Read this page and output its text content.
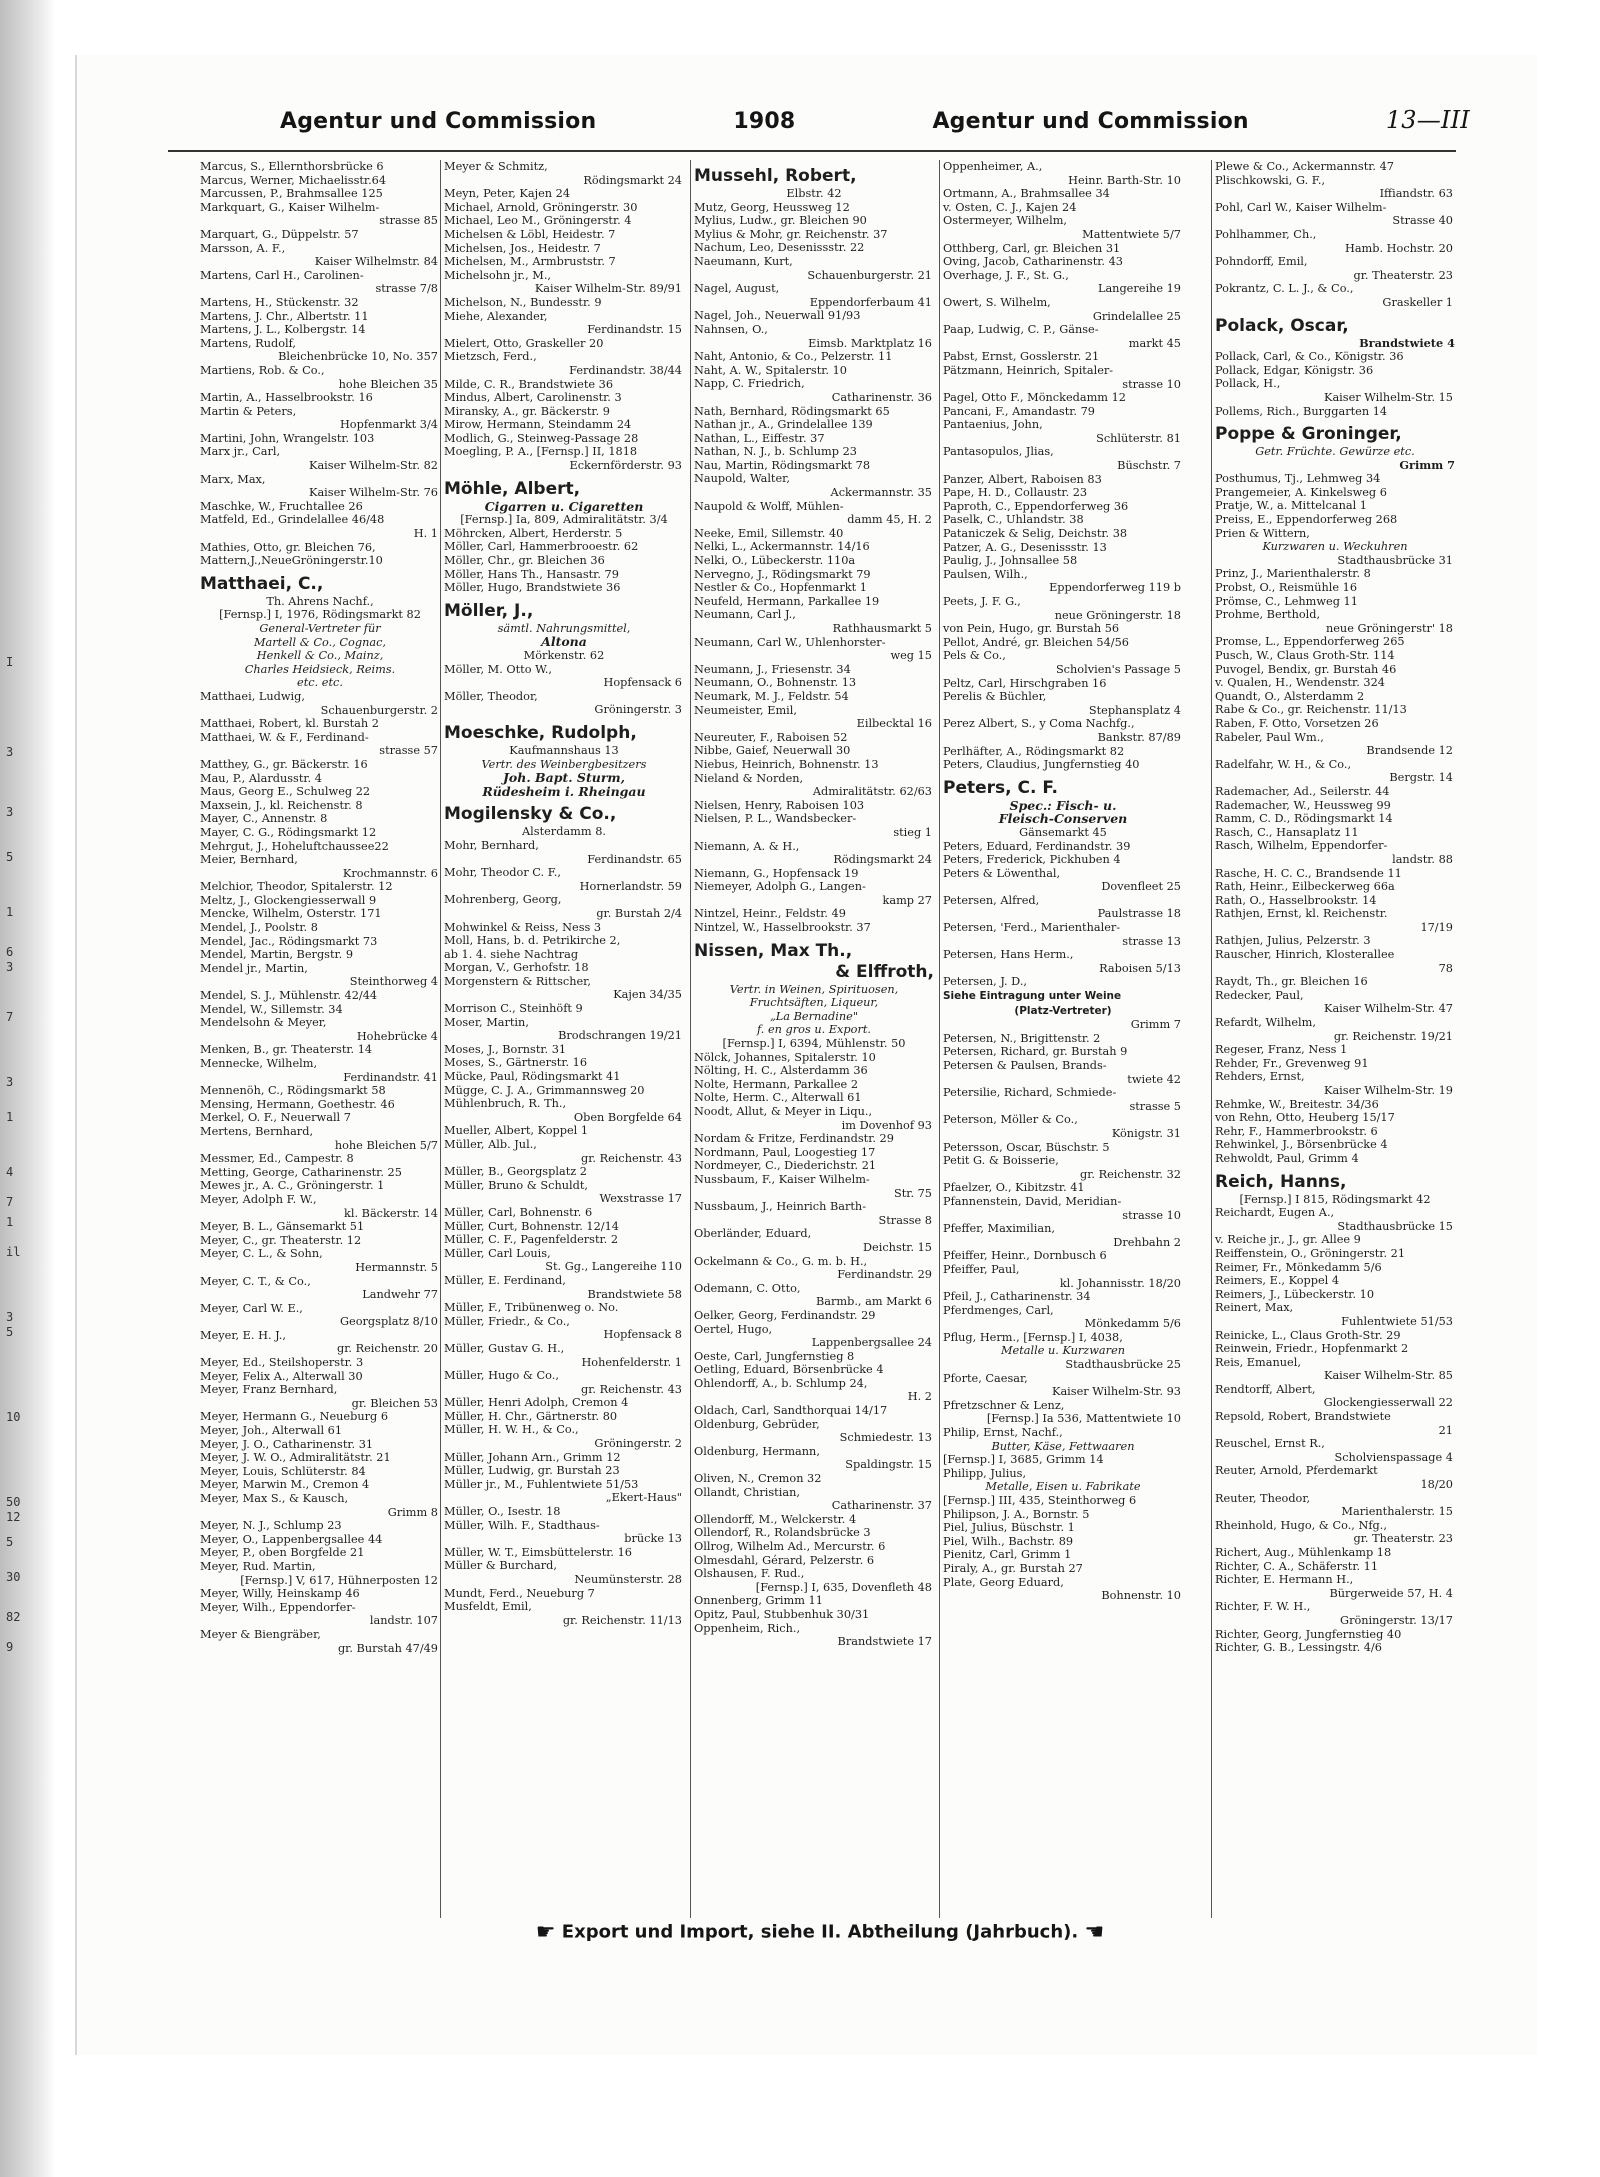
I
3
3
5
1
6
3
7
3
1
4
7
1
il
3
5
10
50
12
5
30
82
9
Agentur und Commission	1908	Agentur und Commission	13—III
Marcus, S., Ellernthorsbrücke 6
Marcus, Werner, Michaelisstr.64
Marcussen, P., Brahmsallee 125
Markquart, G., Kaiser Wilhelm-
strasse 85
Marquart, G., Düppelstr. 57
Marsson, A. F.,
Kaiser Wilhelmstr. 84
Martens, Carl H., Carolinen-
strasse 7/8
Martens, H., Stückenstr. 32
Martens, J. Chr., Albertstr. 11
Martens, J. L., Kolbergstr. 14
Martens, Rudolf,
Bleichenbrücke 10, No. 357
Martiens, Rob. & Co.,
hohe Bleichen 35
Martin, A., Hasselbrookstr. 16
Martin & Peters,
Hopfenmarkt 3/4
Martini, John, Wrangelstr. 103
Marx jr., Carl,
Kaiser Wilhelm-Str. 82
Marx, Max,
Kaiser Wilhelm-Str. 76
Maschke, W., Fruchtallee 26
Matfeld, Ed., Grindelallee 46/48
H. 1
Mathies, Otto, gr. Bleichen 76,
Mattern,J.,NeueGröningerstr.10
Matthaei, C.,
Th. Ahrens Nachf.,
[Fernsp.] I, 1976, Rödingsmarkt 82
General-Vertreter für
Martell & Co., Cognac,
Henkell & Co., Mainz,
Charles Heidsieck, Reims.
etc. etc.
Matthaei, Ludwig,
Schauenburgerstr. 2
Matthaei, Robert, kl. Burstah 2
Matthaei, W. & F., Ferdinand-
strasse 57
Matthey, G., gr. Bäckerstr. 16
Mau, P., Alardusstr. 4
Maus, Georg E., Schulweg 22
Maxsein, J., kl. Reichenstr. 8
Mayer, C., Annenstr. 8
Mayer, C. G., Rödingsmarkt 12
Mehrgut, J., Hoheluftchaussee22
Meier, Bernhard,
Krochmannstr. 6
Melchior, Theodor, Spitalerstr. 12
Meltz, J., Glockengiesserwall 9
Mencke, Wilhelm, Osterstr. 171
Mendel, J., Poolstr. 8
Mendel, Jac., Rödingsmarkt 73
Mendel, Martin, Bergstr. 9
Mendel jr., Martin,
Steinthorweg 4
Mendel, S. J., Mühlenstr. 42/44
Mendel, W., Sillemstr. 34
Mendelsohn & Meyer,
Hohebrücke 4
Menken, B., gr. Theaterstr. 14
Mennecke, Wilhelm,
Ferdinandstr. 41
Mennenöh, C., Rödingsmarkt 58
Mensing, Hermann, Goethestr. 46
Merkel, O. F., Neuerwall 7
Mertens, Bernhard,
hohe Bleichen 5/7
Messmer, Ed., Campestr. 8
Metting, George, Catharinenstr. 25
Mewes jr., A. C., Gröningerstr. 1
Meyer, Adolph F. W.,
kl. Bäckerstr. 14
Meyer, B. L., Gänsemarkt 51
Meyer, C., gr. Theaterstr. 12
Meyer, C. L., & Sohn,
Hermannstr. 5
Meyer, C. T., & Co.,
Landwehr 77
Meyer, Carl W. E.,
Georgsplatz 8/10
Meyer, E. H. J.,
gr. Reichenstr. 20
Meyer, Ed., Steilshoperstr. 3
Meyer, Felix A., Alterwall 30
Meyer, Franz Bernhard,
gr. Bleichen 53
Meyer, Hermann G., Neueburg 6
Meyer, Joh., Alterwall 61
Meyer, J. O., Catharinenstr. 31
Meyer, J. W. O., Admiralitätstr. 21
Meyer, Louis, Schlüterstr. 84
Meyer, Marwin M., Cremon 4
Meyer, Max S., & Kausch,
Grimm 8
Meyer, N. J., Schlump 23
Meyer, O., Lappenbergsallee 44
Meyer, P., oben Borgfelde 21
Meyer, Rud. Martin,
[Fernsp.] V, 617, Hühnerposten 12
Meyer, Willy, Heinskamp 46
Meyer, Wilh., Eppendorfer-
landstr. 107
Meyer & Biengräber,
gr. Burstah 47/49
Meyer & Schmitz,
Rödingsmarkt 24
Meyn, Peter, Kajen 24
Michael, Arnold, Gröningerstr. 30
Michael, Leo M., Gröningerstr. 4
Michelsen & Löbl, Heidestr. 7
Michelsen, Jos., Heidestr. 7
Michelsen, M., Armbruststr. 7
Michelsohn jr., M.,
Kaiser Wilhelm-Str. 89/91
Michelson, N., Bundesstr. 9
Miehe, Alexander,
Ferdinandstr. 15
Mielert, Otto, Graskeller 20
Mietzsch, Ferd.,
Ferdinandstr. 38/44
Milde, C. R., Brandstwiete 36
Mindus, Albert, Carolinenstr. 3
Miransky, A., gr. Bäckerstr. 9
Mirow, Hermann, Steindamm 24
Modlich, G., Steinweg-Passage 28
Moegling, P. A., [Fernsp.] II, 1818
Eckernförderstr. 93
Möhle, Albert,
Cigarren u. Cigaretten
[Fernsp.] Ia, 809, Admiralitätstr. 3/4
Möhrcken, Albert, Herderstr. 5
Möller, Carl, Hammerbrooestr. 62
Möller, Chr., gr. Bleichen 36
Möller, Hans Th., Hansastr. 79
Möller, Hugo, Brandstwiete 36
Möller, J.,
sämtl. Nahrungsmittel,
Altona
Mörkenstr. 62
Möller, M. Otto W.,
Hopfensack 6
Möller, Theodor,
Gröningerstr. 3
Moeschke, Rudolph,
Kaufmannshaus 13
Vertr. des Weinbergbesitzers
Joh. Bapt. Sturm,
Rüdesheim i. Rheingau
Mogilensky & Co.,
Alsterdamm 8.
Mohr, Bernhard,
Ferdinandstr. 65
Mohr, Theodor C. F.,
Hornerlandstr. 59
Mohrenberg, Georg,
gr. Burstah 2/4
Mohwinkel & Reiss, Ness 3
Moll, Hans, b. d. Petrikirche 2,
ab 1. 4. siehe Nachtrag
Morgan, V., Gerhofstr. 18
Morgenstern & Rittscher,
Kajen 34/35
Morrison C., Steinhöft 9
Moser, Martin,
Brodschrangen 19/21
Moses, J., Bornstr. 31
Moses, S., Gärtnerstr. 16
Mücke, Paul, Rödingsmarkt 41
Mügge, C. J. A., Grimmannsweg 20
Mühlenbruch, R. Th.,
Oben Borgfelde 64
Mueller, Albert, Koppel 1
Müller, Alb. Jul.,
gr. Reichenstr. 43
Müller, B., Georgsplatz 2
Müller, Bruno & Schuldt,
Wexstrasse 17
Müller, Carl, Bohnenstr. 6
Müller, Curt, Bohnenstr. 12/14
Müller, C. F., Pagenfelderstr. 2
Müller, Carl Louis,
St. Gg., Langereihe 110
Müller, E. Ferdinand,
Brandstwiete 58
Müller, F., Tribünenweg o. No.
Müller, Friedr., & Co.,
Hopfensack 8
Müller, Gustav G. H.,
Hohenfelderstr. 1
Müller, Hugo & Co.,
gr. Reichenstr. 43
Müller, Henri Adolph, Cremon 4
Müller, H. Chr., Gärtnerstr. 80
Müller, H. W. H., & Co.,
Gröningerstr. 2
Müller, Johann Arn., Grimm 12
Müller, Ludwig, gr. Burstah 23
Müller jr., M., Fuhlentwiete 51/53
„Ekert-Haus"
Müller, O., Isestr. 18
Müller, Wilh. F., Stadthaus-
brücke 13
Müller, W. T., Eimsbüttelerstr. 16
Müller & Burchard,
Neumünsterstr. 28
Mundt, Ferd., Neueburg 7
Musfeldt, Emil,
gr. Reichenstr. 11/13
Mussehl, Robert,
Elbstr. 42
Mutz, Georg, Heussweg 12
Mylius, Ludw., gr. Bleichen 90
Mylius & Mohr, gr. Reichenstr. 37
Nachum, Leo, Desenissstr. 22
Naeumann, Kurt,
Schauenburgerstr. 21
Nagel, August,
Eppendorferbaum 41
Nagel, Joh., Neuerwall 91/93
Nahnsen, O.,
Eimsb. Marktplatz 16
Naht, Antonio, & Co., Pelzerstr. 11
Naht, A. W., Spitalerstr. 10
Napp, C. Friedrich,
Catharinenstr. 36
Nath, Bernhard, Rödingsmarkt 65
Nathan jr., A., Grindelallee 139
Nathan, L., Eiffestr. 37
Nathan, N. J., b. Schlump 23
Nau, Martin, Rödingsmarkt 78
Naupold, Walter,
Ackermannstr. 35
Naupold & Wolff, Mühlen-
damm 45, H. 2
Neeke, Emil, Sillemstr. 40
Nelki, L., Ackermannstr. 14/16
Nelki, O., Lübeckerstr. 110a
Nervegno, J., Rödingsmarkt 79
Nestler & Co., Hopfenmarkt 1
Neufeld, Hermann, Parkallee 19
Neumann, Carl J.,
Rathhausmarkt 5
Neumann, Carl W., Uhlenhorster-
weg 15
Neumann, J., Friesenstr. 34
Neumann, O., Bohnenstr. 13
Neumark, M. J., Feldstr. 54
Neumeister, Emil,
Eilbecktal 16
Neureuter, F., Raboisen 52
Nibbe, Gaief, Neuerwall 30
Niebus, Heinrich, Bohnenstr. 13
Nieland & Norden,
Admiralitätstr. 62/63
Nielsen, Henry, Raboisen 103
Nielsen, P. L., Wandsbecker-
stieg 1
Niemann, A. & H.,
Rödingsmarkt 24
Niemann, G., Hopfensack 19
Niemeyer, Adolph G., Langen-
kamp 27
Nintzel, Heinr., Feldstr. 49
Nintzel, W., Hasselbrookstr. 37
Nissen, Max Th.,
& Elffroth,
Vertr. in Weinen, Spirituosen,
Fruchtsäften, Liqueur,
„La Bernadine"
f. en gros u. Export.
[Fernsp.] I, 6394, Mühlenstr. 50
Nölck, Johannes, Spitalerstr. 10
Nölting, H. C., Alsterdamm 36
Nolte, Hermann, Parkallee 2
Nolte, Herm. C., Alterwall 61
Noodt, Allut, & Meyer in Liqu.,
im Dovenhof 93
Nordam & Fritze, Ferdinandstr. 29
Nordmann, Paul, Loogestieg 17
Nordmeyer, C., Diederichstr. 21
Nussbaum, F., Kaiser Wilhelm-
Str. 75
Nussbaum, J., Heinrich Barth-
Strasse 8
Oberländer, Eduard,
Deichstr. 15
Ockelmann & Co., G. m. b. H.,
Ferdinandstr. 29
Odemann, C. Otto,
Barmb., am Markt 6
Oelker, Georg, Ferdinandstr. 29
Oertel, Hugo,
Lappenbergsallee 24
Oeste, Carl, Jungfernstieg 8
Oetling, Eduard, Börsenbrücke 4
Ohlendorff, A., b. Schlump 24,
H. 2
Oldach, Carl, Sandthorquai 14/17
Oldenburg, Gebrüder,
Schmiedestr. 13
Oldenburg, Hermann,
Spaldingstr. 15
Oliven, N., Cremon 32
Ollandt, Christian,
Catharinenstr. 37
Ollendorff, M., Welckerstr. 4
Ollendorf, R., Rolandsbrücke 3
Ollrog, Wilhelm Ad., Mercurstr. 6
Olmesdahl, Gérard, Pelzerstr. 6
Olshausen, F. Rud.,
[Fernsp.] I, 635, Dovenfleth 48
Onnenberg, Grimm 11
Opitz, Paul, Stubbenhuk 30/31
Oppenheim, Rich.,
Brandstwiete 17
Oppenheimer, A.,
Heinr. Barth-Str. 10
Ortmann, A., Brahmsallee 34
v. Osten, C. J., Kajen 24
Ostermeyer, Wilhelm,
Mattentwiete 5/7
Otthberg, Carl, gr. Bleichen 31
Oving, Jacob, Catharinenstr. 43
Overhage, J. F., St. G.,
Langereihe 19
Owert, S. Wilhelm,
Grindelallee 25
Paap, Ludwig, C. P., Gänse-
markt 45
Pabst, Ernst, Gosslerstr. 21
Pätzmann, Heinrich, Spitaler-
strasse 10
Pagel, Otto F., Mönckedamm 12
Pancani, F., Amandastr. 79
Pantaenius, John,
Schlüterstr. 81
Pantasopulos, Jlias,
Büschstr. 7
Panzer, Albert, Raboisen 83
Pape, H. D., Collaustr. 23
Paproth, C., Eppendorferweg 36
Paselk, C., Uhlandstr. 38
Pataniczek & Selig, Deichstr. 38
Patzer, A. G., Desenissstr. 13
Paulig, J., Johnsallee 58
Paulsen, Wilh.,
Eppendorferweg 119 b
Peets, J. F. G.,
neue Gröningerstr. 18
von Pein, Hugo, gr. Burstah 56
Pellot, André, gr. Bleichen 54/56
Pels & Co.,
Scholvien's Passage 5
Peltz, Carl, Hirschgraben 16
Perelis & Büchler,
Stephansplatz 4
Perez Albert, S., y Coma Nachfg.,
Bankstr. 87/89
Perlhäfter, A., Rödingsmarkt 82
Peters, Claudius, Jungfernstieg 40
Peters, C. F.
Spec.: Fisch- u.
Fleisch-Conserven
Gänsemarkt 45
Peters, Eduard, Ferdinandstr. 39
Peters, Frederick, Pickhuben 4
Peters & Löwenthal,
Dovenfleet 25
Petersen, Alfred,
Paulstrasse 18
Petersen, 'Ferd., Marienthaler-
strasse 13
Petersen, Hans Herm.,
Raboisen 5/13
Petersen, J. D.,
Siehe Eintragung unter Weine
(Platz-Vertreter)
Grimm 7
Petersen, N., Brigittenstr. 2
Petersen, Richard, gr. Burstah 9
Petersen & Paulsen, Brands-
twiete 42
Petersilie, Richard, Schmiede-
strasse 5
Peterson, Möller & Co.,
Königstr. 31
Petersson, Oscar, Büschstr. 5
Petit G. & Boisserie,
gr. Reichenstr. 32
Pfaelzer, O., Kibitzstr. 41
Pfannenstein, David, Meridian-
strasse 10
Pfeffer, Maximilian,
Drehbahn 2
Pfeiffer, Heinr., Dornbusch 6
Pfeiffer, Paul,
kl. Johannisstr. 18/20
Pfeil, J., Catharinenstr. 34
Pferdmenges, Carl,
Mönkedamm 5/6
Pflug, Herm., [Fernsp.] I, 4038,
Metalle u. Kurzwaren
Stadthausbrücke 25
Pforte, Caesar,
Kaiser Wilhelm-Str. 93
Pfretzschner & Lenz,
[Fernsp.] Ia 536, Mattentwiete 10
Philip, Ernst, Nachf.,
Butter, Käse, Fettwaaren
[Fernsp.] I, 3685, Grimm 14
Philipp, Julius,
Metalle, Eisen u. Fabrikate
[Fernsp.] III, 435, Steinthorweg 6
Philipson, J. A., Bornstr. 5
Piel, Julius, Büschstr. 1
Piel, Wilh., Bachstr. 89
Pienitz, Carl, Grimm 1
Piraly, A., gr. Burstah 27
Plate, Georg Eduard,
Bohnenstr. 10
Plewe & Co., Ackermannstr. 47
Plischkowski, G. F.,
Iffiandstr. 63
Pohl, Carl W., Kaiser Wilhelm-
Strasse 40
Pohlhammer, Ch.,
Hamb. Hochstr. 20
Pohndorff, Emil,
gr. Theaterstr. 23
Pokrantz, C. L. J., & Co.,
Graskeller 1
Polack, Oscar,
Brandstwiete 4
Pollack, Carl, & Co., Königstr. 36
Pollack, Edgar, Königstr. 36
Pollack, H.,
Kaiser Wilhelm-Str. 15
Pollems, Rich., Burggarten 14
Poppe & Groninger,
Getr. Früchte. Gewürze etc.
Grimm 7
Posthumus, Tj., Lehmweg 34
Prangemeier, A. Kinkelsweg 6
Pratje, W., a. Mittelcanal 1
Preiss, E., Eppendorferweg 268
Prien & Wittern,
Kurzwaren u. Weckuhren
Stadthausbrücke 31
Prinz, J., Marienthalerstr. 8
Probst, O., Reismühle 16
Prömse, C., Lehmweg 11
Prohme, Berthold,
neue Gröningerstr' 18
Promse, L., Eppendorferweg 265
Pusch, W., Claus Groth-Str. 114
Puvogel, Bendix, gr. Burstah 46
v. Qualen, H., Wendenstr. 324
Quandt, O., Alsterdamm 2
Rabe & Co., gr. Reichenstr. 11/13
Raben, F. Otto, Vorsetzen 26
Rabeler, Paul Wm.,
Brandsende 12
Radelfahr, W. H., & Co.,
Bergstr. 14
Rademacher, Ad., Seilerstr. 44
Rademacher, W., Heussweg 99
Ramm, C. D., Rödingsmarkt 14
Rasch, C., Hansaplatz 11
Rasch, Wilhelm, Eppendorfer-
landstr. 88
Rasche, H. C. C., Brandsende 11
Rath, Heinr., Eilbeckerweg 66a
Rath, O., Hasselbrookstr. 14
Rathjen, Ernst, kl. Reichenstr.
17/19
Rathjen, Julius, Pelzerstr. 3
Rauscher, Hinrich, Klosterallee
78
Raydt, Th., gr. Bleichen 16
Redecker, Paul,
Kaiser Wilhelm-Str. 47
Refardt, Wilhelm,
gr. Reichenstr. 19/21
Regeser, Franz, Ness 1
Rehder, Fr., Grevenweg 91
Rehders, Ernst,
Kaiser Wilhelm-Str. 19
Rehmke, W., Breitestr. 34/36
von Rehn, Otto, Heuberg 15/17
Rehr, F., Hammerbrookstr. 6
Rehwinkel, J., Börsenbrücke 4
Rehwoldt, Paul, Grimm 4
Reich, Hanns,
[Fernsp.] I 815, Rödingsmarkt 42
Reichardt, Eugen A.,
Stadthausbrücke 15
v. Reiche jr., J., gr. Allee 9
Reiffenstein, O., Gröningerstr. 21
Reimer, Fr., Mönkedamm 5/6
Reimers, E., Koppel 4
Reimers, J., Lübeckerstr. 10
Reinert, Max,
Fuhlentwiete 51/53
Reinicke, L., Claus Groth-Str. 29
Reinwein, Friedr., Hopfenmarkt 2
Reis, Emanuel,
Kaiser Wilhelm-Str. 85
Rendtorff, Albert,
Glockengiesserwall 22
Repsold, Robert, Brandstwiete
21
Reuschel, Ernst R.,
Scholvienspassage 4
Reuter, Arnold, Pferdemarkt
18/20
Reuter, Theodor,
Marienthalerstr. 15
Rheinhold, Hugo, & Co., Nfg.,
gr. Theaterstr. 23
Richert, Aug., Mühlenkamp 18
Richter, C. A., Schäferstr. 11
Richter, E. Hermann H.,
Bürgerweide 57, H. 4
Richter, F. W. H.,
Gröningerstr. 13/17
Richter, Georg, Jungfernstieg 40
Richter, G. B., Lessingstr. 4/6
☛ Export und Import, siehe II. Abtheilung (Jahrbuch). ☚
